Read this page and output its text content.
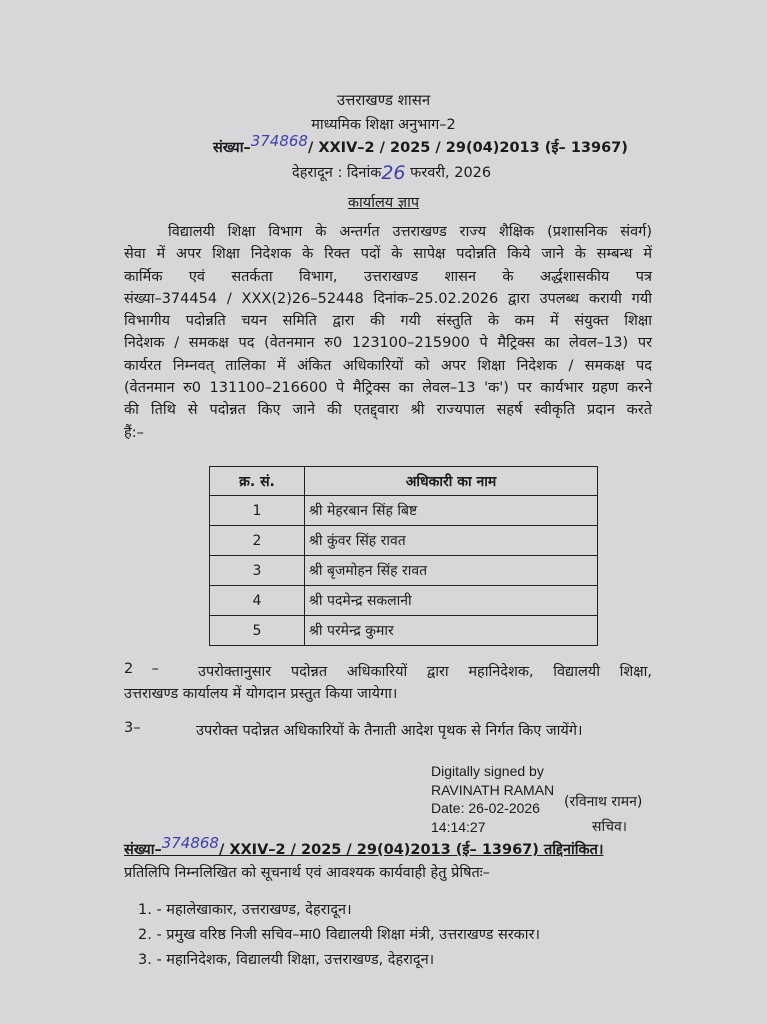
उत्तराखण्ड शासन
माध्यमिक शिक्षा अनुभाग–2
संख्या–374868/ XXIV–2 / 2025 / 29(04)2013 (ई– 13967)
देहरादून : दिनांक26 फरवरी, 2026
कार्यालय ज्ञाप
विद्यालयी शिक्षा विभाग के अन्तर्गत उत्तराखण्ड राज्य शैक्षिक (प्रशासनिक संवर्ग)
सेवा में अपर शिक्षा निदेशक के रिक्त पदों के सापेक्ष पदोन्नति किये जाने के सम्बन्ध में
कार्मिक एवं सतर्कता विभाग, उत्तराखण्ड शासन के अर्द्धशासकीय पत्र
संख्या–374454 / XXX(2)26–52448 दिनांक–25.02.2026 द्वारा उपलब्ध करायी गयी
विभागीय पदोन्नति चयन समिति द्वारा की गयी संस्तुति के कम में संयुक्त शिक्षा
निदेशक / समकक्ष पद (वेतनमान रु0 123100–215900 पे मैट्रिक्स का लेवल–13) पर
कार्यरत निम्नवत् तालिका में अंकित अधिकारियों को अपर शिक्षा निदेशक / समकक्ष पद
(वेतनमान रु0 131100–216600 पे मैट्रिक्स का लेवल–13 'क') पर कार्यभार ग्रहण करने
की तिथि से पदोन्नत किए जाने की एतद्द्वारा श्री राज्यपाल सहर्ष स्वीकृति प्रदान करते
हैं:–
क्र. सं.	अधिकारी का नाम
1	श्री मेहरबान सिंह बिष्ट
2	श्री कुंवर सिंह रावत
3	श्री बृजमोहन सिंह रावत
4	श्री पदमेन्द्र सकलानी
5	श्री परमेन्द्र कुमार
2    –	उपरोक्तानुसार पदोन्नत अधिकारियों द्वारा महानिदेशक, विद्यालयी शिक्षा,
उत्तराखण्ड कार्यालय में योगदान प्रस्तुत किया जायेगा।
3–	उपरोक्त पदोन्नत अधिकारियों के तैनाती आदेश पृथक से निर्गत किए जायेंगे।
Digitally signed by
RAVINATH RAMAN
Date: 26-02-2026
14:14:27
(रविनाथ रामन)
सचिव।
संख्या–374868/ XXIV–2 / 2025 / 29(04)2013 (ई– 13967) तद्दिनांकित।
प्रतिलिपि निम्नलिखित को सूचनार्थ एवं आवश्यक कार्यवाही हेतु प्रेषितः–
1. - महालेखाकार, उत्तराखण्ड, देहरादून।
2. - प्रमुख वरिष्ठ निजी सचिव–मा0 विद्यालयी शिक्षा मंत्री, उत्तराखण्ड सरकार।
3. - महानिदेशक, विद्यालयी शिक्षा, उत्तराखण्ड, देहरादून।
